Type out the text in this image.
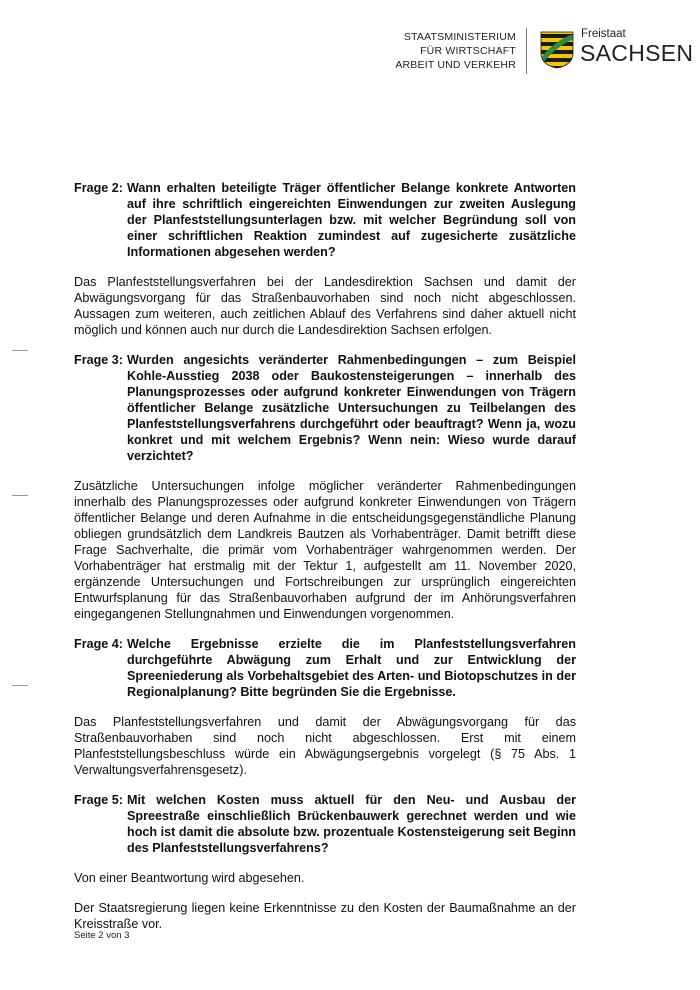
STAATSMINISTERIUM
FÜR WIRTSCHAFT
ARBEIT UND VERKEHR
Freistaat
SACHSEN
Frage 2: Wann erhalten beteiligte Träger öffentlicher Belange konkrete Antworten auf ihre schriftlich eingereichten Einwendungen zur zweiten Auslegung der Planfeststellungsunterlagen bzw. mit welcher Begründung soll von einer schriftlichen Reaktion zumindest auf zugesicherte zusätzliche Informationen abgesehen werden?

Das Planfeststellungsverfahren bei der Landesdirektion Sachsen und damit der Abwägungsvorgang für das Straßenbauvorhaben sind noch nicht abgeschlossen. Aussagen zum weiteren, auch zeitlichen Ablauf des Verfahrens sind daher aktuell nicht möglich und können auch nur durch die Landesdirektion Sachsen erfolgen.

Frage 3: Wurden angesichts veränderter Rahmenbedingungen – zum Beispiel Kohle-Ausstieg 2038 oder Baukostensteigerungen – innerhalb des Planungsprozesses oder aufgrund konkreter Einwendungen von Trägern öffentlicher Belange zusätzliche Untersuchungen zu Teilbelangen des Planfeststellungsverfahrens durchgeführt oder beauftragt? Wenn ja, wozu konkret und mit welchem Ergebnis? Wenn nein: Wieso wurde darauf verzichtet?

Zusätzliche Untersuchungen infolge möglicher veränderter Rahmenbedingungen innerhalb des Planungsprozesses oder aufgrund konkreter Einwendungen von Trägern öffentlicher Belange und deren Aufnahme in die entscheidungsgegenständliche Planung obliegen grundsätzlich dem Landkreis Bautzen als Vorhabenträger. Damit betrifft diese Frage Sachverhalte, die primär vom Vorhabenträger wahrgenommen werden. Der Vorhabenträger hat erstmalig mit der Tektur 1, aufgestellt am 11. November 2020, ergänzende Untersuchungen und Fortschreibungen zur ursprünglich eingereichten Entwurfsplanung für das Straßenbauvorhaben aufgrund der im Anhörungsverfahren eingegangenen Stellungnahmen und Einwendungen vorgenommen.

Frage 4: Welche Ergebnisse erzielte die im Planfeststellungsverfahren durchgeführte Abwägung zum Erhalt und zur Entwicklung der Spreeniederung als Vorbehaltsgebiet des Arten- und Biotopschutzes in der Regionalplanung? Bitte begründen Sie die Ergebnisse.

Das Planfeststellungsverfahren und damit der Abwägungsvorgang für das Straßenbauvorhaben sind noch nicht abgeschlossen. Erst mit einem Planfeststellungsbeschluss würde ein Abwägungsergebnis vorgelegt (§ 75 Abs. 1 Verwaltungsverfahrensgesetz).

Frage 5: Mit welchen Kosten muss aktuell für den Neu- und Ausbau der Spreestraße einschließlich Brückenbauwerk gerechnet werden und wie hoch ist damit die absolute bzw. prozentuale Kostensteigerung seit Beginn des Planfeststellungsverfahrens?

Von einer Beantwortung wird abgesehen.

Der Staatsregierung liegen keine Erkenntnisse zu den Kosten der Baumaßnahme an der Kreisstraße vor.

Seite 2 von 3
